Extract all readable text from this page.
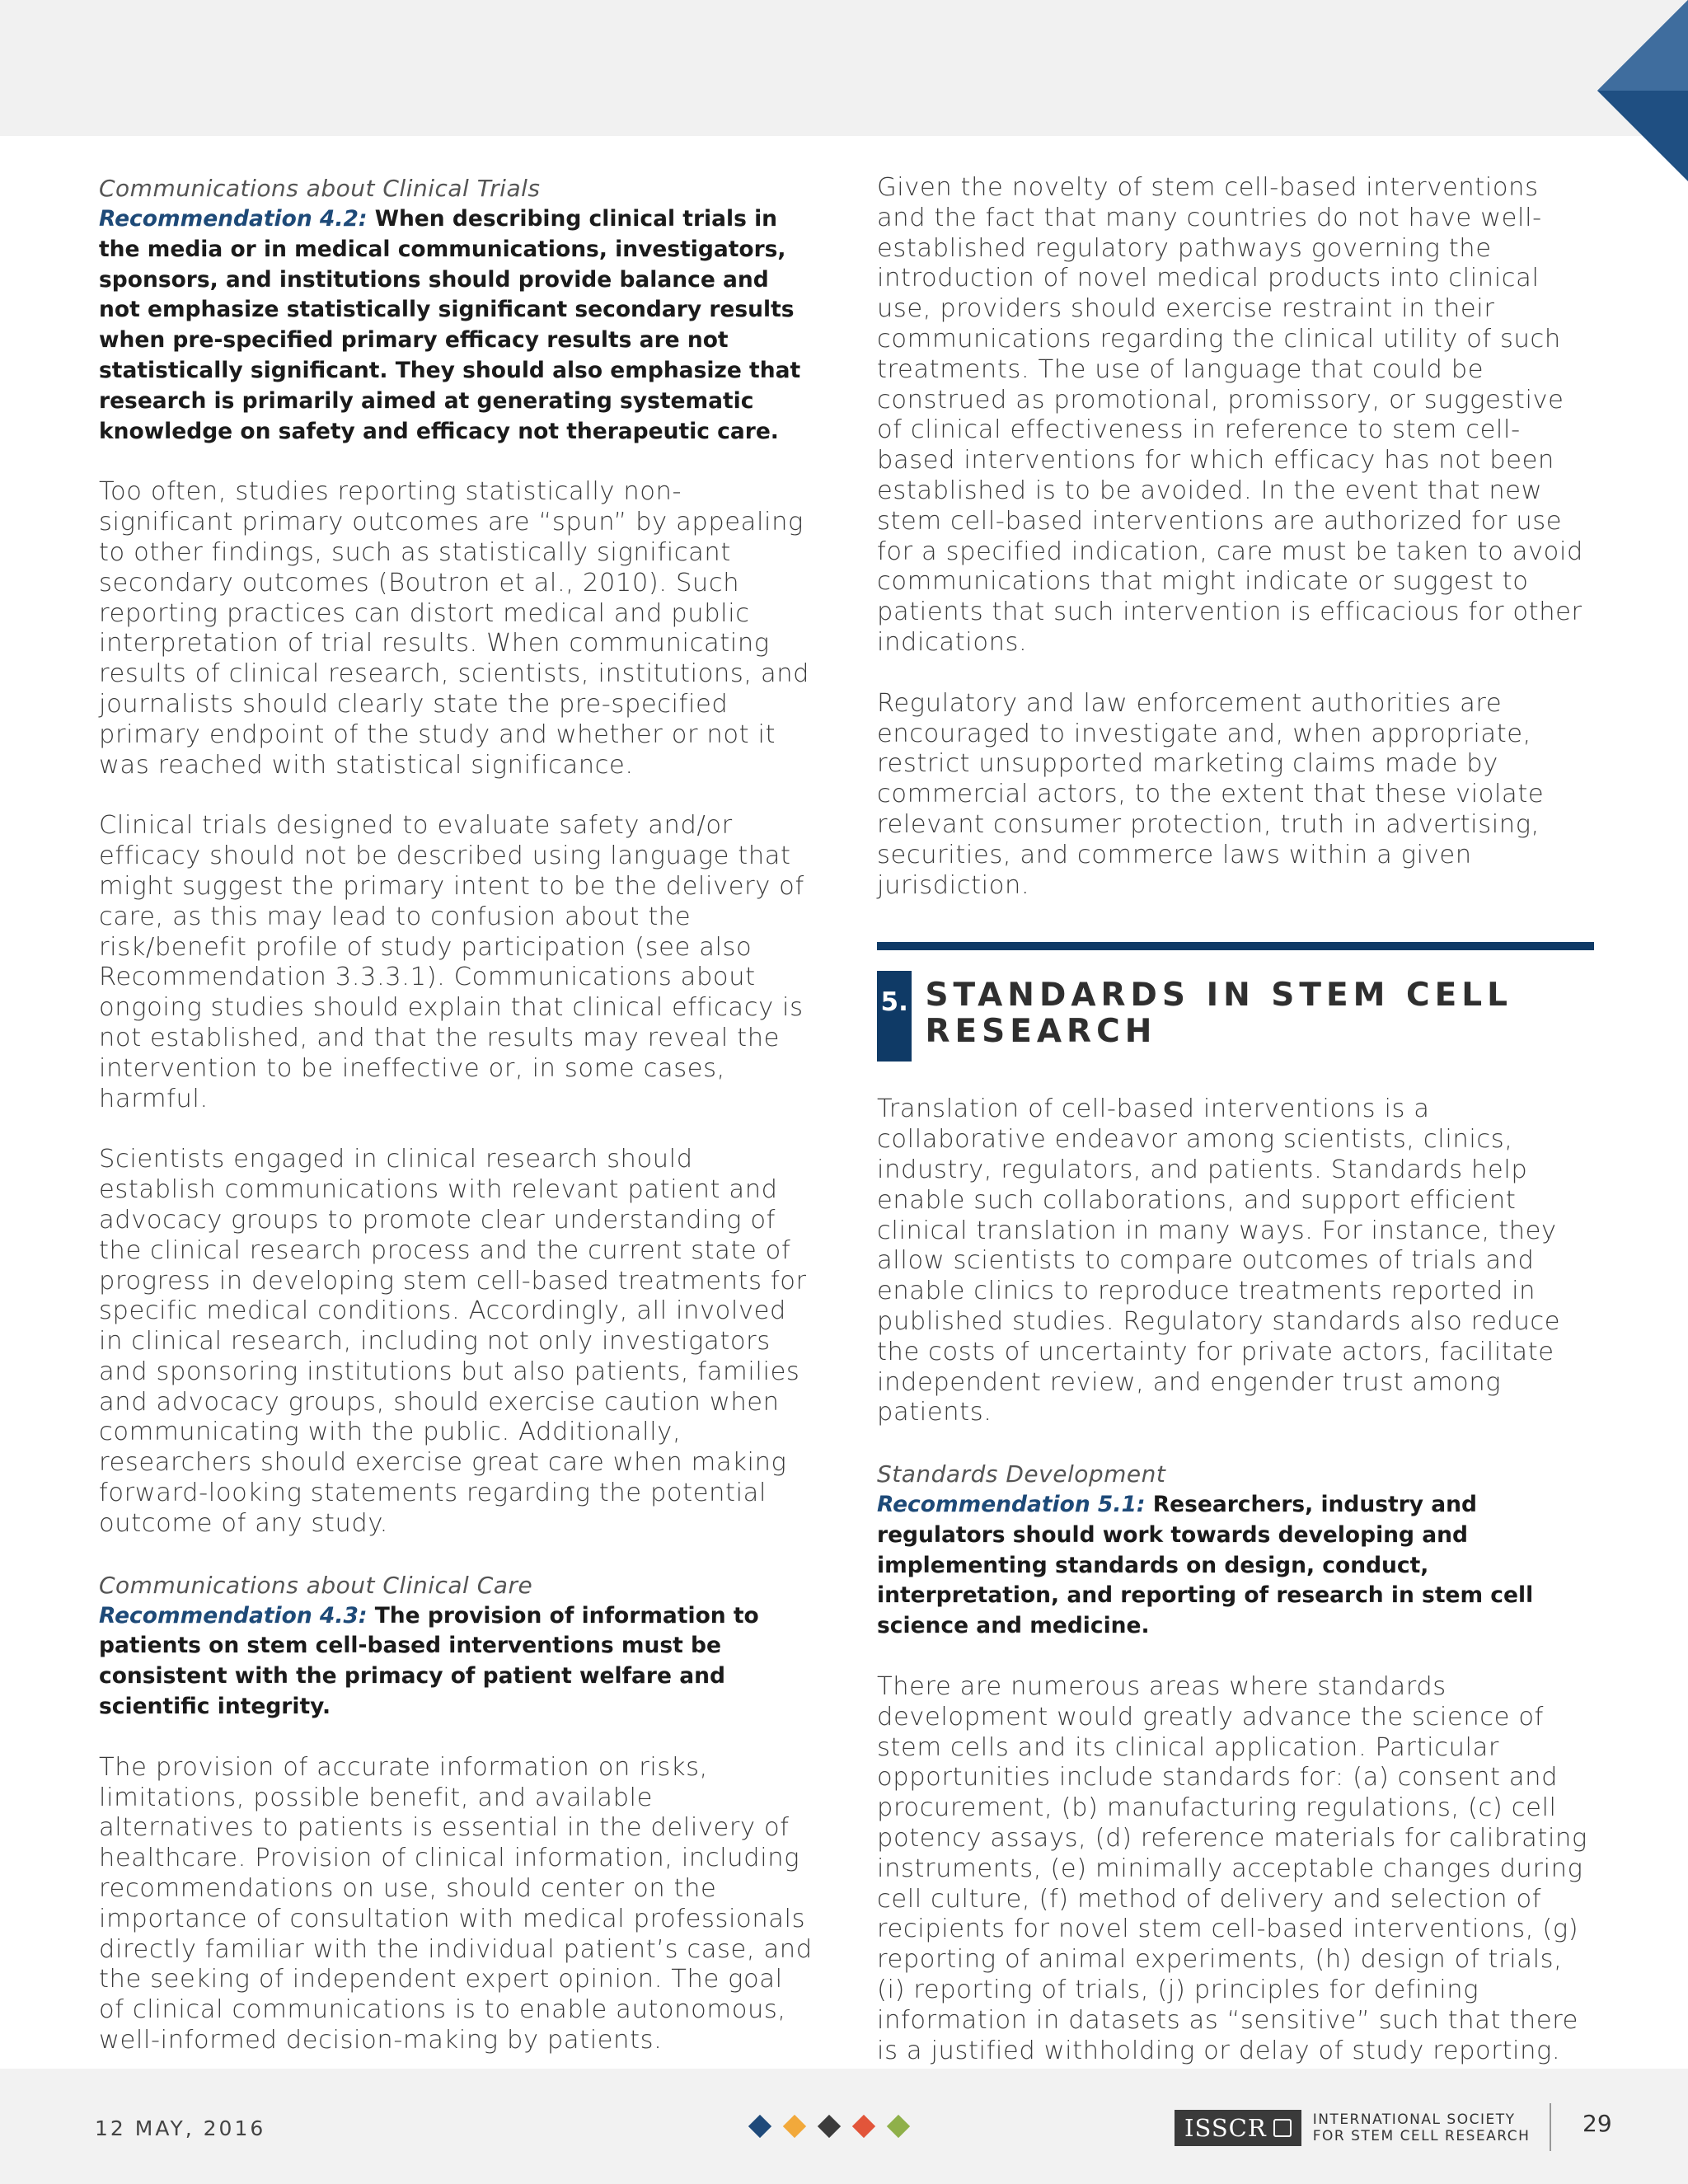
Communications about Clinical Trials

Recommendation 4.2: When describing clinical trials in the media or in medical communications, investigators, sponsors, and institutions should provide balance and not emphasize statistically significant secondary results when pre-specified primary efficacy results are not statistically significant. They should also emphasize that research is primarily aimed at generating systematic knowledge on safety and efficacy not therapeutic care.

Too often, studies reporting statistically non-significant primary outcomes are “spun” by appealing to other findings, such as statistically significant secondary outcomes (Boutron et al., 2010). Such reporting practices can distort medical and public interpretation of trial results. When communicating results of clinical research, scientists, institutions, and journalists should clearly state the pre-specified primary endpoint of the study and whether or not it was reached with statistical significance.

Clinical trials designed to evaluate safety and/or efficacy should not be described using language that might suggest the primary intent to be the delivery of care, as this may lead to confusion about the risk/benefit profile of study participation (see also Recommendation 3.3.3.1). Communications about ongoing studies should explain that clinical efficacy is not established, and that the results may reveal the intervention to be ineffective or, in some cases, harmful.

Scientists engaged in clinical research should establish communications with relevant patient and advocacy groups to promote clear understanding of the clinical research process and the current state of progress in developing stem cell-based treatments for specific medical conditions. Accordingly, all involved in clinical research, including not only investigators and sponsoring institutions but also patients, families and advocacy groups, should exercise caution when communicating with the public. Additionally, researchers should exercise great care when making forward-looking statements regarding the potential outcome of any study.

Communications about Clinical Care

Recommendation 4.3: The provision of information to patients on stem cell-based interventions must be consistent with the primacy of patient welfare and scientific integrity.

The provision of accurate information on risks, limitations, possible benefit, and available alternatives to patients is essential in the delivery of healthcare. Provision of clinical information, including recommendations on use, should center on the importance of consultation with medical professionals directly familiar with the individual patient’s case, and the seeking of independent expert opinion. The goal of clinical communications is to enable autonomous, well-informed decision-making by patients.

Given the novelty of stem cell-based interventions and the fact that many countries do not have well-established regulatory pathways governing the introduction of novel medical products into clinical use, providers should exercise restraint in their communications regarding the clinical utility of such treatments. The use of language that could be construed as promotional, promissory, or suggestive of clinical effectiveness in reference to stem cell-based interventions for which efficacy has not been established is to be avoided. In the event that new stem cell-based interventions are authorized for use for a specified indication, care must be taken to avoid communications that might indicate or suggest to patients that such intervention is efficacious for other indications.

Regulatory and law enforcement authorities are encouraged to investigate and, when appropriate, restrict unsupported marketing claims made by commercial actors, to the extent that these violate relevant consumer protection, truth in advertising, securities, and commerce laws within a given jurisdiction.

5. STANDARDS IN STEM CELL RESEARCH

Translation of cell-based interventions is a collaborative endeavor among scientists, clinics, industry, regulators, and patients. Standards help enable such collaborations, and support efficient clinical translation in many ways. For instance, they allow scientists to compare outcomes of trials and enable clinics to reproduce treatments reported in published studies. Regulatory standards also reduce the costs of uncertainty for private actors, facilitate independent review, and engender trust among patients.

Standards Development

Recommendation 5.1: Researchers, industry and regulators should work towards developing and implementing standards on design, conduct, interpretation, and reporting of research in stem cell science and medicine.

There are numerous areas where standards development would greatly advance the science of stem cells and its clinical application. Particular opportunities include standards for: (a) consent and procurement, (b) manufacturing regulations, (c) cell potency assays, (d) reference materials for calibrating instruments, (e) minimally acceptable changes during cell culture, (f) method of delivery and selection of recipients for novel stem cell-based interventions, (g) reporting of animal experiments, (h) design of trials, (i) reporting of trials, (j) principles for defining information in datasets as “sensitive” such that there is a justified withholding or delay of study reporting.

12 MAY, 2016	ISSCR	INTERNATIONAL SOCIETY
FOR STEM CELL RESEARCH 29
